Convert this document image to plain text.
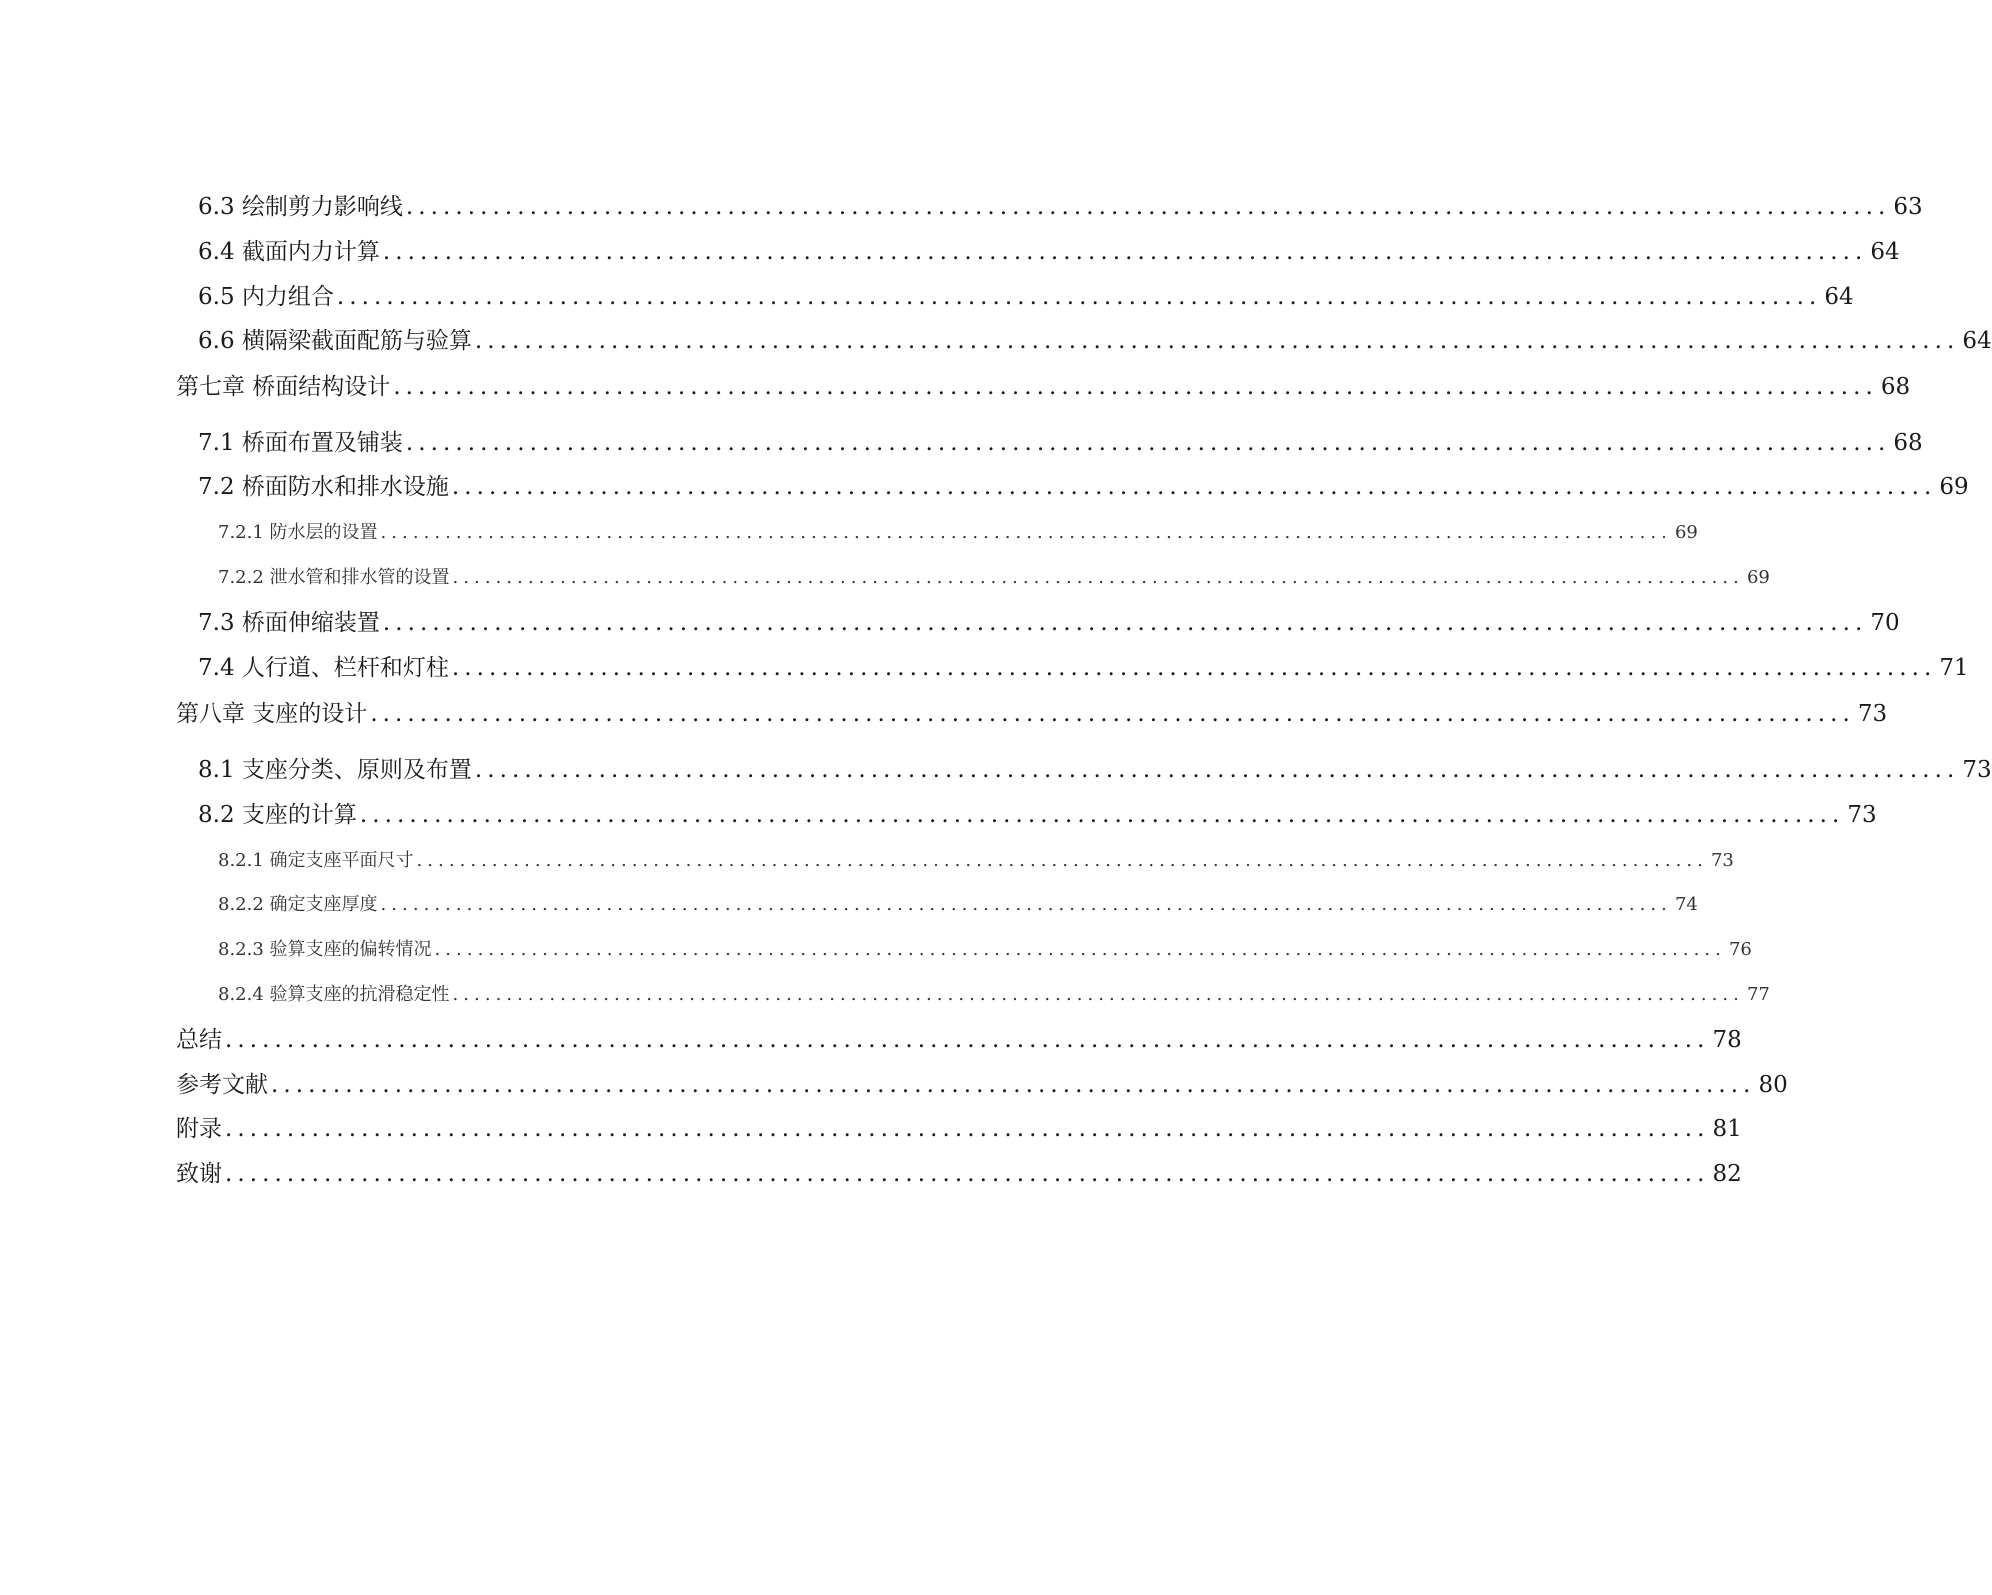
6.3 绘制剪力影响线 ........................................................................................................................ 63
6.4 截面内力计算 ........................................................................................................................ 64
6.5 内力组合 ........................................................................................................................ 64
6.6 横隔梁截面配筋与验算 ........................................................................................................................ 64
第七章 桥面结构设计 ........................................................................................................................ 68
7.1 桥面布置及铺装 ........................................................................................................................ 68
7.2 桥面防水和排水设施 ........................................................................................................................ 69
7.2.1 防水层的设置 ........................................................................................................................ 69
7.2.2 泄水管和排水管的设置 ........................................................................................................................ 69
7.3 桥面伸缩装置 ........................................................................................................................ 70
7.4 人行道、栏杆和灯柱 ........................................................................................................................ 71
第八章 支座的设计 ........................................................................................................................ 73
8.1 支座分类、原则及布置 ........................................................................................................................ 73
8.2 支座的计算 ........................................................................................................................ 73
8.2.1 确定支座平面尺寸 ........................................................................................................................ 73
8.2.2 确定支座厚度 ........................................................................................................................ 74
8.2.3 验算支座的偏转情况 ........................................................................................................................ 76
8.2.4 验算支座的抗滑稳定性 ........................................................................................................................ 77
总结 ........................................................................................................................ 78
参考文献 ........................................................................................................................ 80
附录 ........................................................................................................................ 81
致谢 ........................................................................................................................ 82
